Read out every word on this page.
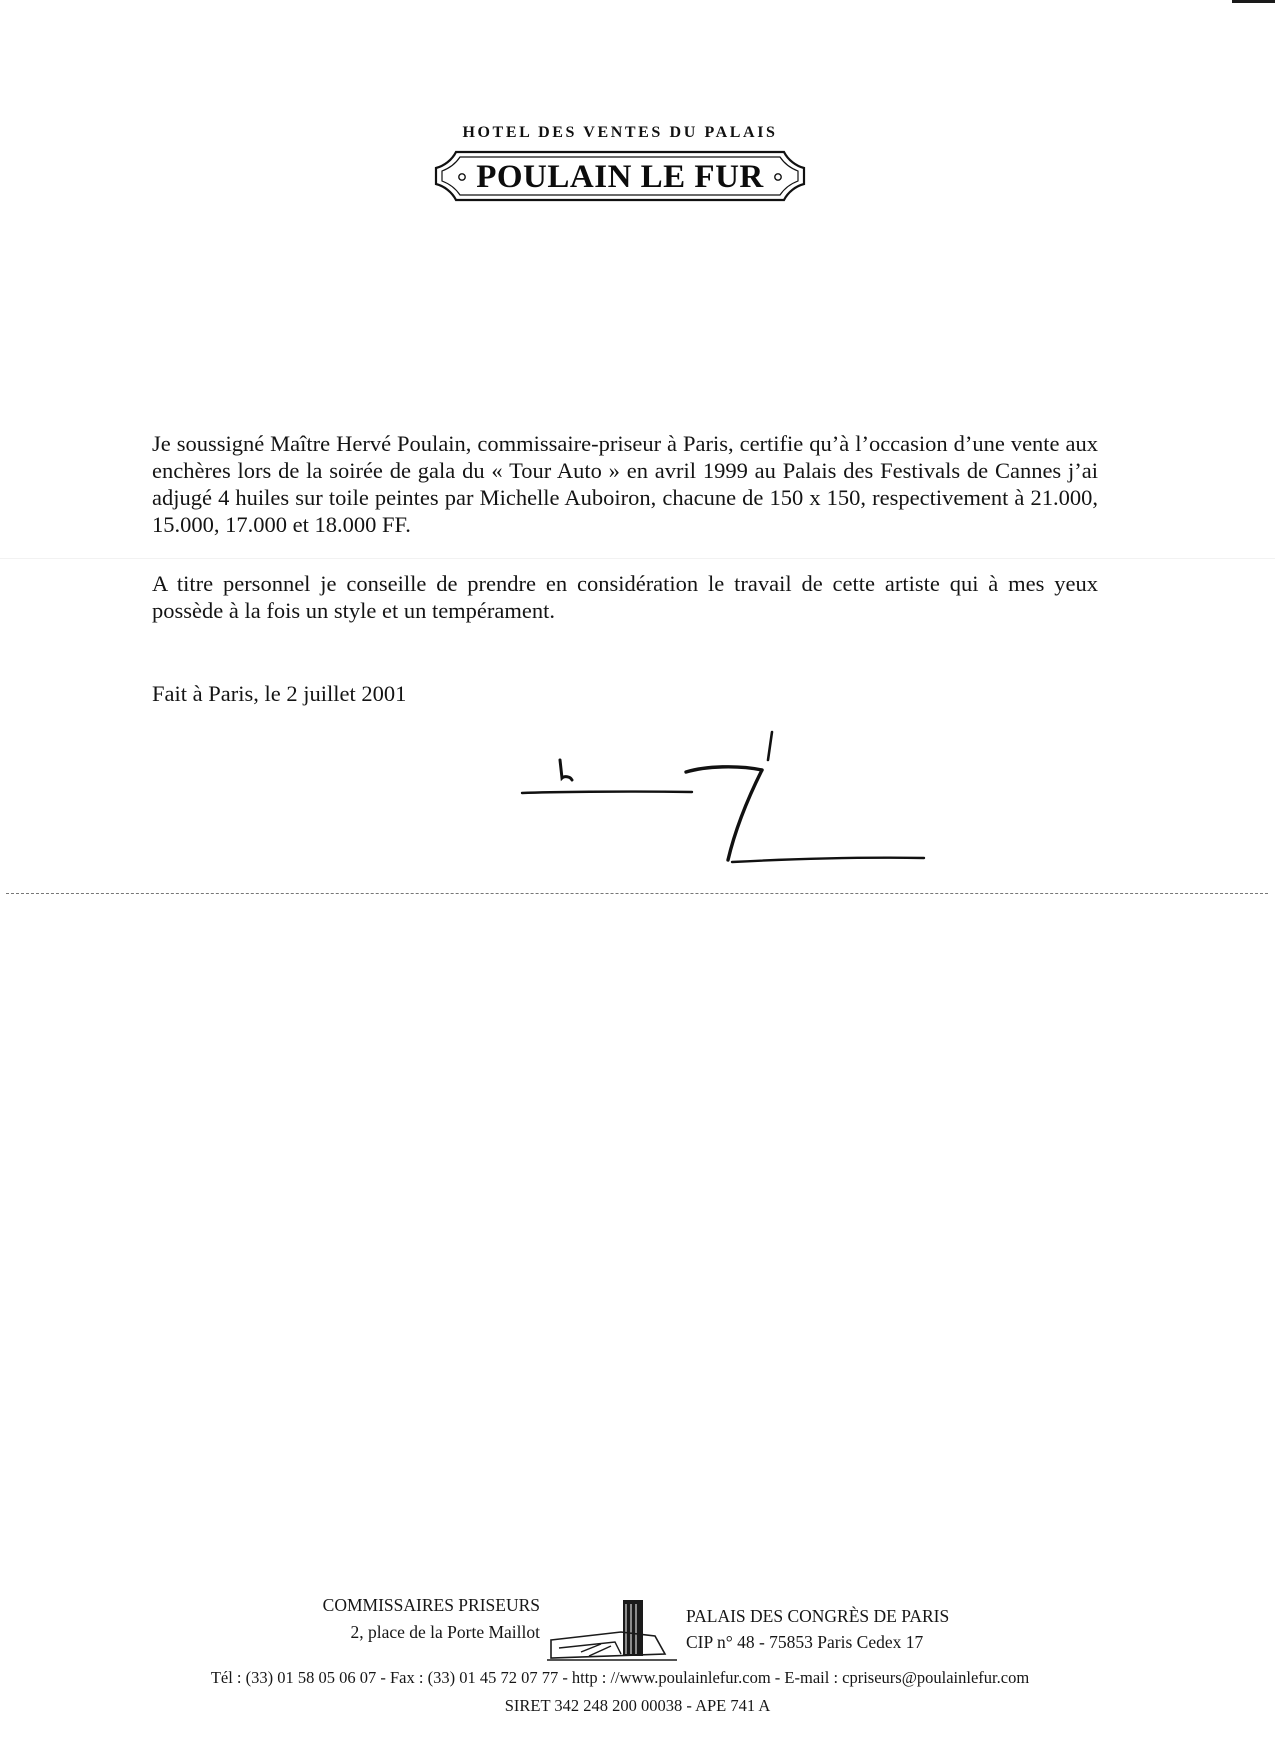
HOTEL DES VENTES DU PALAIS
POULAIN LE FUR

Je soussigné Maître Hervé Poulain, commissaire-priseur à Paris, certifie qu’à l’occasion d’une vente aux enchères lors de la soirée de gala du « Tour Auto » en avril 1999 au Palais des Festivals de Cannes j’ai adjugé 4 huiles sur toile peintes par Michelle Auboiron, chacune de 150 x 150, respectivement à 21.000, 15.000, 17.000 et 18.000 FF.

A titre personnel je conseille de prendre en considération le travail de cette artiste qui à mes yeux possède à la fois un style et un tempérament.

Fait à Paris, le 2 juillet 2001
COMMISSAIRES PRISEURS
2, place de la Porte Maillot
PALAIS DES CONGRÈS DE PARIS
CIP n° 48 - 75853 Paris Cedex 17
Tél : (33) 01 58 05 06 07 - Fax : (33) 01 45 72 07 77 - http : //www.poulainlefur.com - E-mail : cpriseurs@poulainlefur.com
SIRET 342 248 200 00038 - APE 741 A
